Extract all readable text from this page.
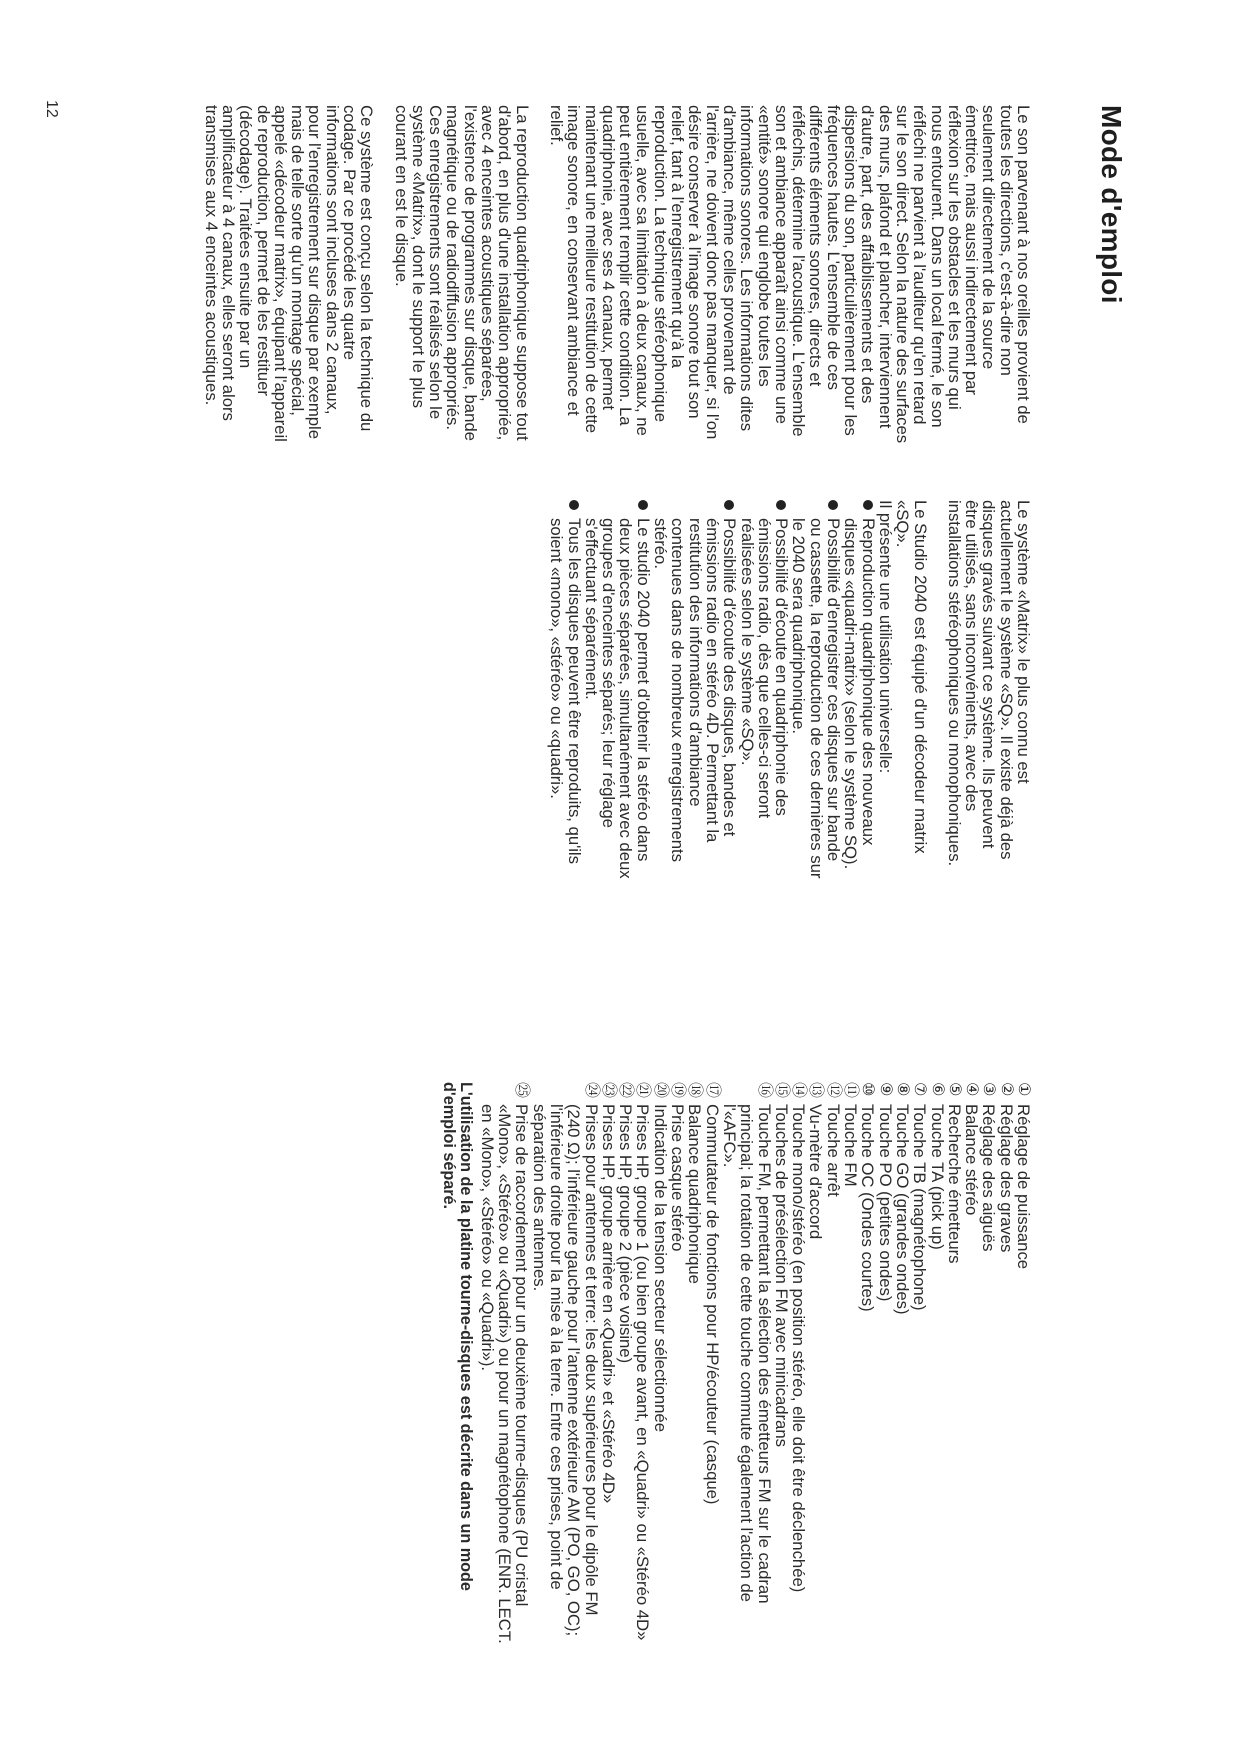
Mode d'emploi

Le son parvenant à nos oreilles provient de toutes les directions, c'est-à-dire non seulement directement de la source émettrice, mais aussi indirectement par réflexion sur les obstacles et les murs qui nous entourent. Dans un local fermé, le son réfléchi ne parvient à l'auditeur qu'en retard sur le son direct. Selon la nature des surfaces des murs, plafond et plancher, interviennent d'autre, part, des affaiblissements et des dispersions du son, particulièrement pour les fréquences hautes. L'ensemble de ces différents éléments sonores, directs et réfléchis, détermine l'acoustique. L'ensemble son et ambiance apparaît ainsi comme une «entité» sonore qui englobe toutes les informations sonores. Les informations dites d'ambiance, même celles provenant de l'arrière, ne doivent donc pas manquer, si l'on désire conserver à l'image sonore tout son relief, tant à l'enregistrement qu'à la reproduction. La technique stéréophonique usuelle, avec sa limitation à deux canaux, ne peut entièrement remplir cette condition. La quadriphonie, avec ses 4 canaux, permet maintenant une meilleure restitution de cette image sonore, en conservant ambiance et relief.

La reproduction quadriphonique suppose tout d'abord, en plus d'une installation appropriée, avec 4 enceintes acoustiques séparées, l'existence de programmes sur disque, bande magnétique ou de radiodiffusion appropriés. Ces enregistrements sont réalisés selon le système «Matrix», dont le support le plus courant en est le disque.

Ce système est conçu selon la technique du codage. Par ce procédé les quatre informations sont incluses dans 2 canaux, pour l'enregistrement sur disque par exemple mais de telle sorte qu'un montage spécial, appelé «décodeur matrix», équipant l'appareil de reproduction, permet de les restituer (décodage). Traitées ensuite par un amplificateur à 4 canaux, elles seront alors transmises aux 4 enceintes acoustiques.

Le système «Matrix» le plus connu est actuellement le système «SQ». Il existe déjà des disques gravés suivant ce système. Ils peuvent être utilisés, sans inconvénients, avec des installations stéréophoniques ou monophoniques.

Le Studio 2040 est équipé d'un décodeur matrix «SQ».

Il présente une utilisation universelle:
Reproduction quadriphonique des nouveaux disques «quadri-matrix» (selon le système SQ).
Possibilité d'enregistrer ces disques sur bande ou cassette, la reproduction de ces dernières sur le 2040 sera quadriphonique.
Possibilité d'écoute en quadriphonie des émissions radio, dès que celles-ci seront réalisées selon le système «SQ».
Possibilité d'écoute des disques, bandes et émissions radio en stéréo 4D. Permettant la restitution des informations d'ambiance contenues dans de nombreux enregistrements stéréo.
Le studio 2040 permet d'obtenir la stéréo dans deux pièces séparées, simultanément avec deux groupes d'enceintes séparés; leur réglage s'effectuant séparément.
Tous les disques peuvent être reproduits, qu'ils soient «mono», «stéréo» ou «quadri».
①
Réglage de puissance
②
Réglage des graves
③
Réglage des aiguës
④
Balance stéréo
⑤
Recherche émetteurs
⑥
Touche TA (pick up)
⑦
Touche TB (magnétophone)
⑧
Touche GO (grandes ondes)
⑨
Touche PO (petites ondes)
⑩
Touche OC (Ondes courtes)
⑪
Touche FM
⑫
Touche arrêt
⑬
Vu-mètre d'accord
⑭
Touche mono/stéréo (en position stéréo, elle doit être déclenchée)
⑮
Touches de présélection FM avec minicadrans
⑯
Touche FM, permettant la sélection des émetteurs FM sur le cadran principal; la rotation de cette touche commute également l'action de l'«AFC».
⑰
Commutateur de fonctions pour HP/écouteur (casque)
⑱
Balance quadriphonique
⑲
Prise casque stéréo
⑳
Indication de la tension secteur sélectionnée
㉑
Prises HP, groupe 1 (ou bien groupe avant, en «Quadri» ou «Stéréo 4D»
㉒
Prises HP, groupe 2 (pièce voisine)
㉓
Prises HP, groupe arrière en «Quadri» et «Stéréo 4D»
㉔
Prises pour antennes et terre: les deux supérieures pour le dipôle FM (240 Ω); l'inférieure gauche pour l'antenne extérieure AM (PO, GO, OC); l'inférieure droite pour la mise à la terre. Entre ces prises, point de séparation des antennes.
㉕
Prise de raccordement pour un deuxième tourne-disques (PU cristal «Mono», «Stéréo» ou «Quadri») ou pour un magnétophone (ENR. LECT. en «Mono», «Stéréo» ou «Quadri»).
L'utilisation de la platine tourne-disques est décrite dans un mode d'emploi séparé.
12
